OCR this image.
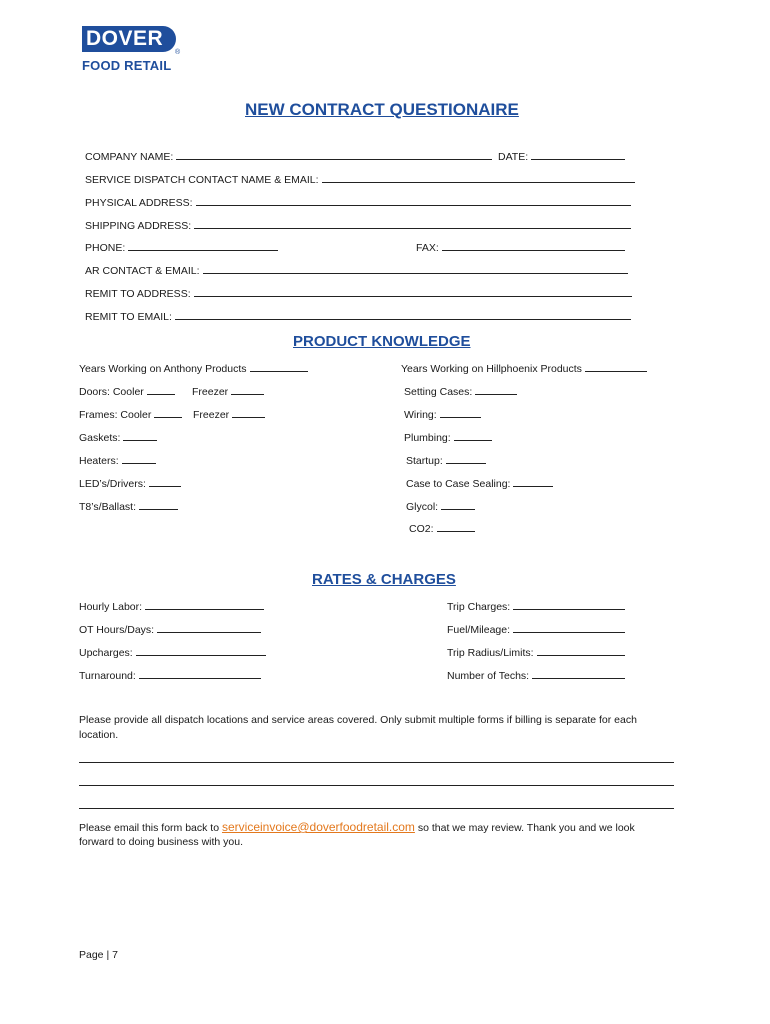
DOVER
®
FOOD RETAIL
NEW CONTRACT QUESTIONAIRE
COMPANY NAME:	DATE:
SERVICE DISPATCH CONTACT NAME & EMAIL:
PHYSICAL ADDRESS:
SHIPPING ADDRESS:
PHONE:	FAX:
AR CONTACT & EMAIL:
REMIT TO ADDRESS:
REMIT TO EMAIL:
PRODUCT KNOWLEDGE
Years Working on Anthony Products	Years Working on Hillphoenix Products
Doors: Cooler	Freezer	Setting Cases:
Frames: Cooler	Freezer	Wiring:
Gaskets:	Plumbing:
Heaters:	Startup:
LED’s/Drivers:	Case to Case Sealing:
T8’s/Ballast:	Glycol:
CO2:
RATES & CHARGES
Hourly Labor:	Trip Charges:
OT Hours/Days:	Fuel/Mileage:
Upcharges:	Trip Radius/Limits:
Turnaround:	Number of Techs:
Please provide all dispatch locations and service areas covered. Only submit multiple forms if billing is separate for each
location.
Please email this form back to serviceinvoice@doverfoodretail.com so that we may review. Thank you and we look
forward to doing business with you.
Page | 7
